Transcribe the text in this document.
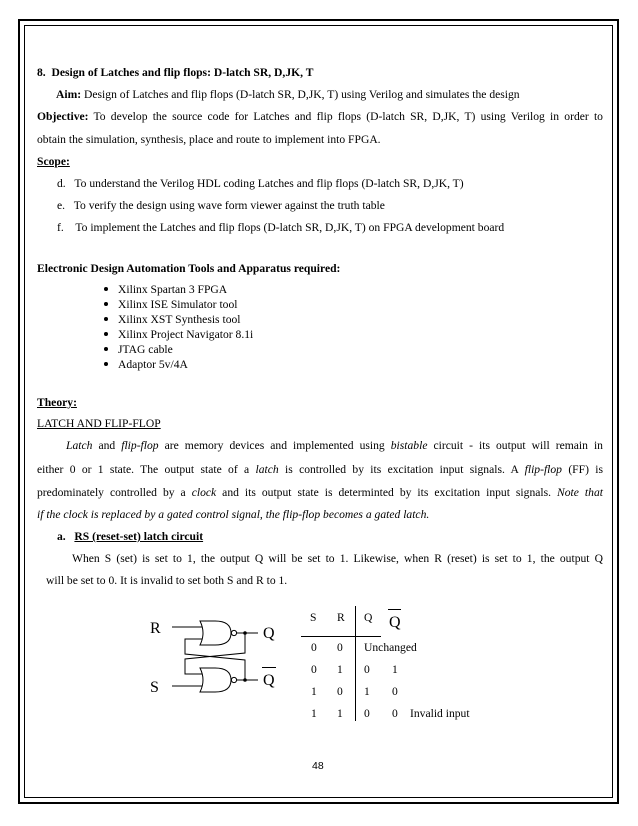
8. Design of Latches and flip flops: D-latch SR, D,JK, T
Aim: Design of Latches and flip flops (D-latch SR, D,JK, T) using Verilog and simulates the design
Objective: To develop the source code for Latches and flip flops (D-latch SR, D,JK, T) using Verilog in order to
obtain the simulation, synthesis, place and route to implement into FPGA.
Scope:
d. To understand the Verilog HDL coding Latches and flip flops (D-latch SR, D,JK, T)
e. To verify the design using wave form viewer against the truth table
f. To implement the Latches and flip flops (D-latch SR, D,JK, T) on FPGA development board
Electronic Design Automation Tools and Apparatus required:
Xilinx Spartan 3 FPGA
Xilinx ISE Simulator tool
Xilinx XST Synthesis tool
Xilinx Project Navigator 8.1i
JTAG cable
Adaptor 5v/4A
Theory:
LATCH AND FLIP-FLOP
Latch and flip-flop are memory devices and implemented using bistable circuit - its output will remain in
either 0 or 1 state. The output state of a latch is controlled by its excitation input signals. A flip-flop (FF) is
predominately controlled by a clock and its output state is determinted by its excitation input signals. Note that
if the clock is replaced by a gated control signal, the flip-flop becomes a gated latch.
a. RS (reset-set) latch circuit
When S (set) is set to 1, the output Q will be set to 1. Likewise, when R (reset) is set to 1, the output Q
will be set to 0. It is invalid to set both S and R to 1.
R
S
Q
Q
S R Q Q
0 0 Unchanged
0 1 0 1
1 0 1 0
1 1 0 0 Invalid input
48
